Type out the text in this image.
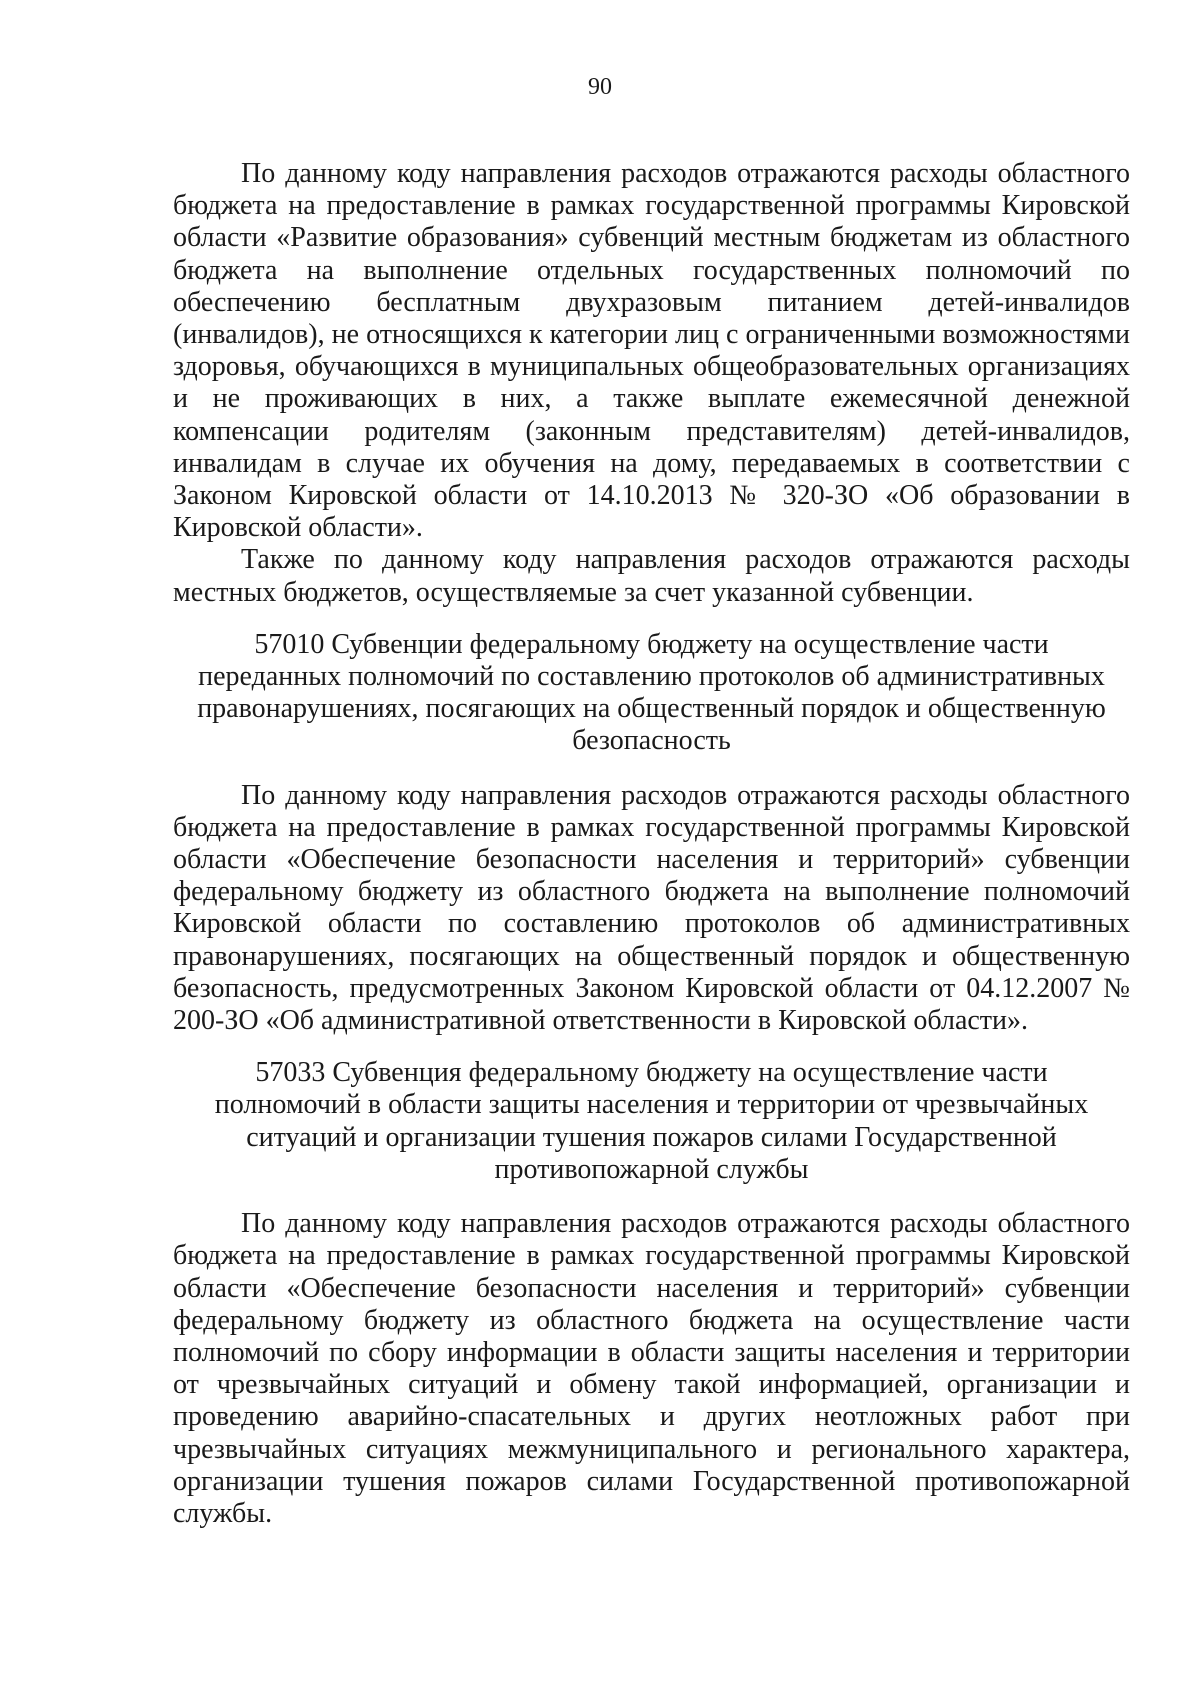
90

По данному коду направления расходов отражаются расходы областного бюджета на предоставление в рамках государственной программы Кировской области «Развитие образования» субвенций местным бюджетам из областного бюджета на выполнение отдельных государственных полномочий по обеспечению бесплатным двухразовым питанием детей-инвалидов (инвалидов), не относящихся к категории лиц с ограниченными возможностями здоровья, обучающихся в муниципальных общеобразовательных организациях и не проживающих в них, а также выплате ежемесячной денежной компенсации родителям (законным представителям) детей-инвалидов, инвалидам в случае их обучения на дому, передаваемых в соответствии с Законом Кировской области от 14.10.2013 № 320-ЗО «Об образовании в Кировской области».

Также по данному коду направления расходов отражаются расходы местных бюджетов, осуществляемые за счет указанной субвенции.

57010 Субвенции федеральному бюджету на осуществление части переданных полномочий по составлению протоколов об административных правонарушениях, посягающих на общественный порядок и общественную безопасность

По данному коду направления расходов отражаются расходы областного бюджета на предоставление в рамках государственной программы Кировской области «Обеспечение безопасности населения и территорий» субвенции федеральному бюджету из областного бюджета на выполнение полномочий Кировской области по составлению протоколов об административных правонарушениях, посягающих на общественный порядок и общественную безопасность, предусмотренных Законом Кировской области от 04.12.2007 № 200-ЗО «Об административной ответственности в Кировской области».

57033 Субвенция федеральному бюджету на осуществление части полномочий в области защиты населения и территории от чрезвычайных ситуаций и организации тушения пожаров силами Государственной противопожарной службы

По данному коду направления расходов отражаются расходы областного бюджета на предоставление в рамках государственной программы Кировской области «Обеспечение безопасности населения и территорий» субвенции федеральному бюджету из областного бюджета на осуществление части полномочий по сбору информации в области защиты населения и территории от чрезвычайных ситуаций и обмену такой информацией, организации и проведению аварийно-спасательных и других неотложных работ при чрезвычайных ситуациях межмуниципального и регионального характера, организации тушения пожаров силами Государственной противопожарной службы.
